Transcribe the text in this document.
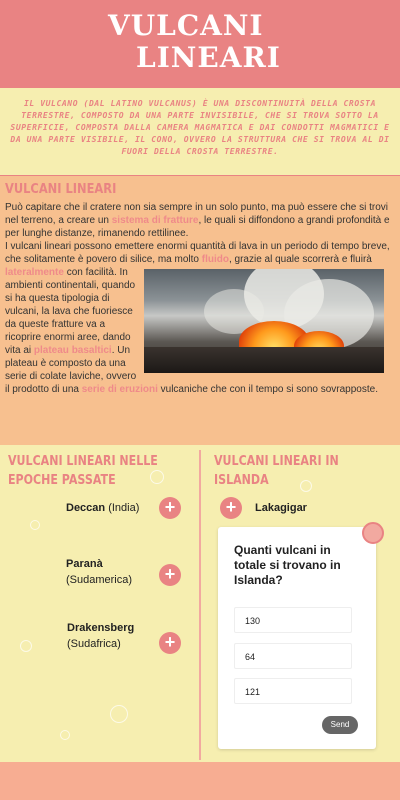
VULCANI
LINEARI
IL VULCANO (DAL LATINO VULCANUS) È UNA DISCONTINUITÀ DELLA CROSTA TERRESTRE, COMPOSTO DA UNA PARTE INVISIBILE, CHE SI TROVA SOTTO LA SUPERFICIE, COMPOSTA DALLA CAMERA MAGMATICA E DAI CONDOTTI MAGMATICI E DA UNA PARTE VISIBILE, IL CONO, OVVERO LA STRUTTURA CHE SI TROVA AL DI FUORI DELLA CROSTA TERRESTRE.
VULCANI LINEARI
Può capitare che il cratere non sia sempre in un solo punto, ma può essere che si trovi nel terreno, a creare un sistema di fratture, le quali si diffondono a grandi profondità e per lunghe distanze, rimanendo rettilinee.
I vulcani lineari possono emettere enormi quantità di lava in un periodo di tempo breve, che solitamente è povero di silice, ma molto
fluido, grazie al quale scorrerà e fluirà lateralmente con facilità. In ambienti continentali, quando si ha questa tipologia di vulcani, la lava che fuoriesce da queste fratture va a ricoprire enormi aree, dando vita ai plateau basaltici. Un plateau è composto da una serie di colate laviche, ovvero il prodotto di una serie di eruzioni vulcaniche che con il tempo si sono sovrapposte.
VULCANI LINEARI NELLE EPOCHE PASSATE
VULCANI LINEARI IN ISLANDA
Deccan (India)	+
Paranà
(Sudamerica)	+
Drakensberg
(Sudafrica)	+
+	Lakagigar
Quanti vulcani in totale si trovano in Islanda?
130
64
121
Send
